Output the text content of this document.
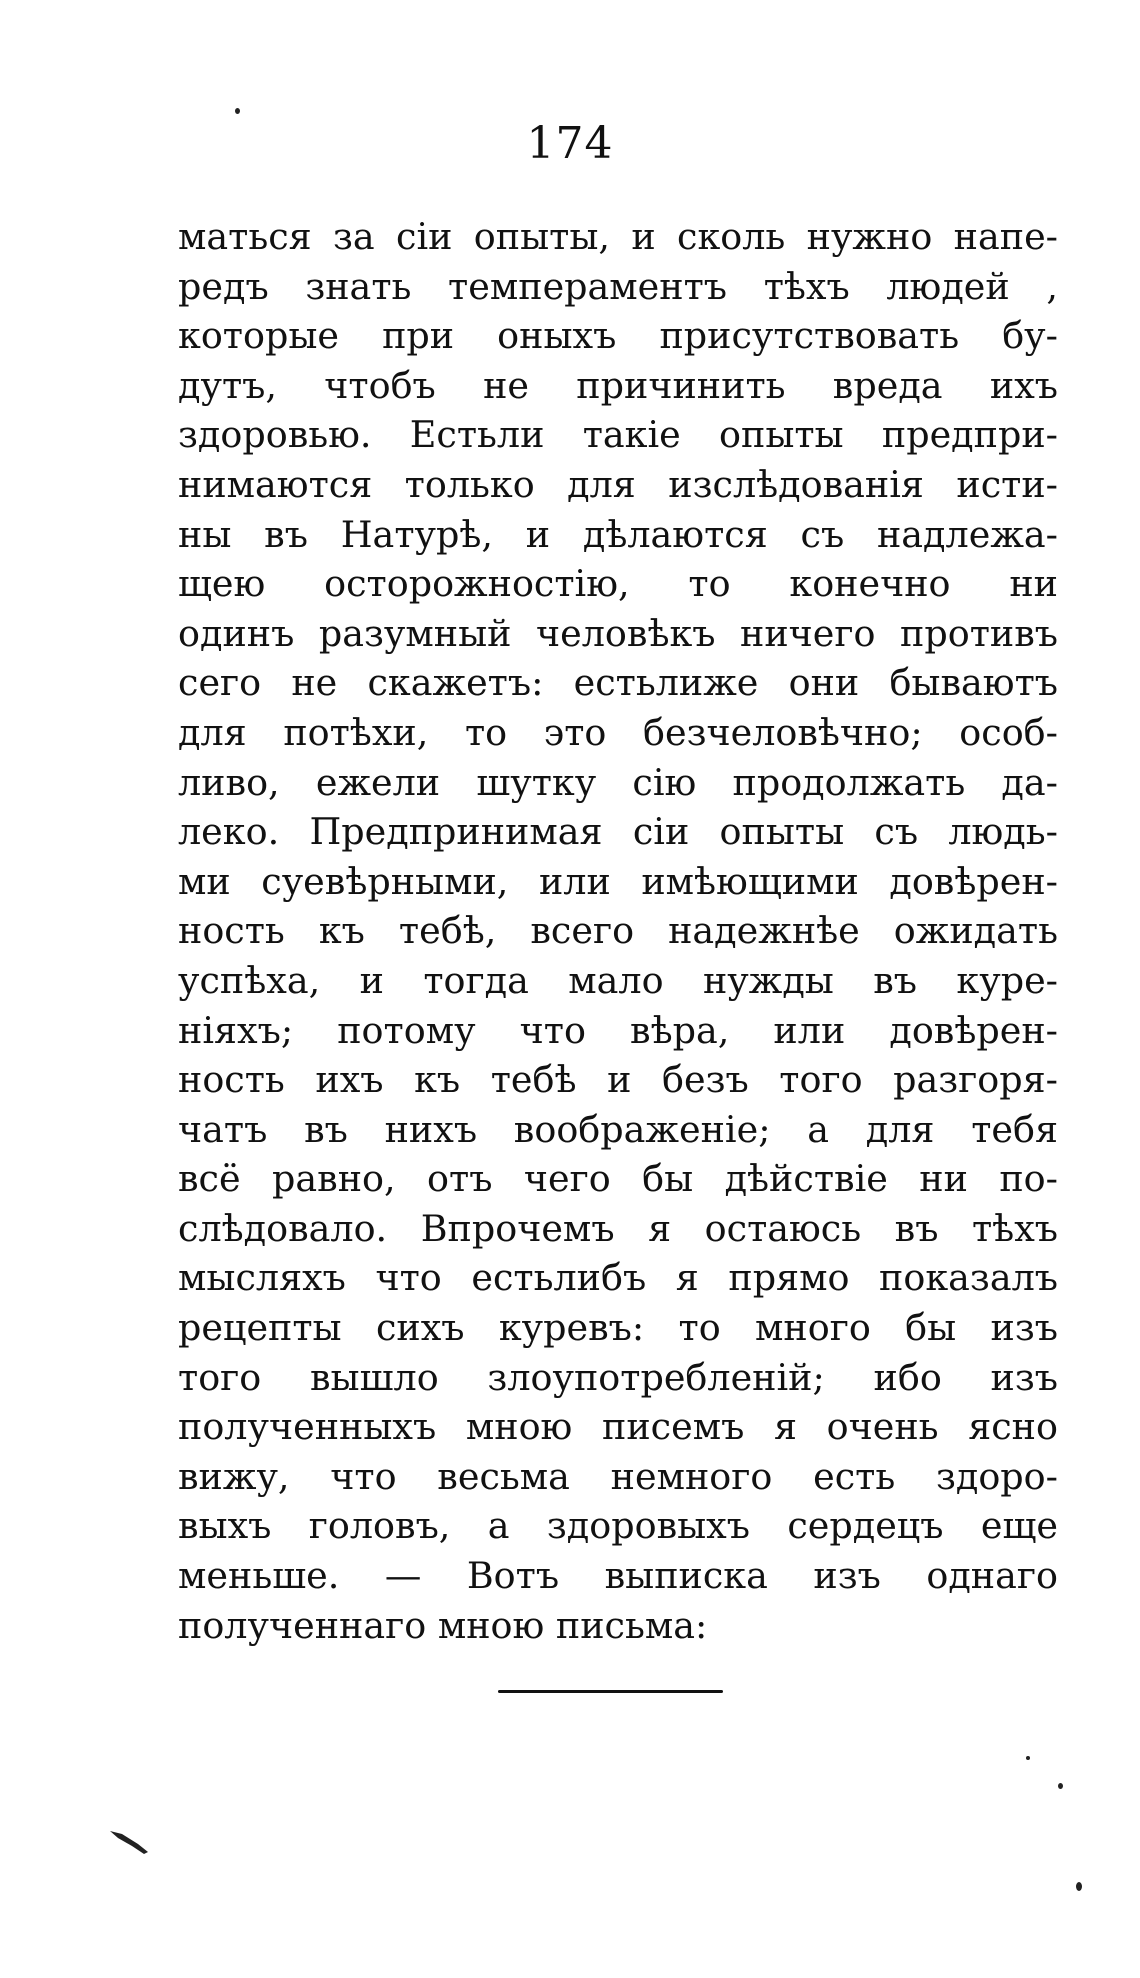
174
маться за сіи опыты, и сколь нужно напе-
редъ знать темпераментъ тѣхъ людей ,
которые при оныхъ присутствовать бу-
дутъ, чтобъ не причинить вреда ихъ
здоровью. Естьли такіе опыты предпри-
нимаются только для изслѣдованія исти-
ны въ Натурѣ, и дѣлаются съ надлежа-
щею осторожностію, то конечно ни
одинъ разумный человѣкъ ничего противъ
сего не скажетъ: естьлиже они бываютъ
для потѣхи, то это безчеловѣчно; особ-
ливо, ежели шутку сію продолжать да-
леко. Предпринимая сіи опыты съ людь-
ми суевѣрными, или имѣющими довѣрен-
ность къ тебѣ, всего надежнѣе ожидать
успѣха, и тогда мало нужды въ куре-
ніяхъ; потому что вѣра, или довѣрен-
ность ихъ къ тебѣ и безъ того разгоря-
чатъ въ нихъ воображеніе; а для тебя
всё равно, отъ чего бы дѣйствіе ни по-
слѣдовало. Впрочемъ я остаюсь въ тѣхъ
мысляхъ что естьлибъ я прямо показалъ
рецепты сихъ куревъ: то много бы изъ
того вышло злоупотребленій; ибо изъ
полученныхъ мною писемъ я очень ясно
вижу, что весьма немного есть здоро-
выхъ головъ, а здоровыхъ сердецъ еще
меньше. — Вотъ выписка изъ однаго
полученнаго мною письма:
